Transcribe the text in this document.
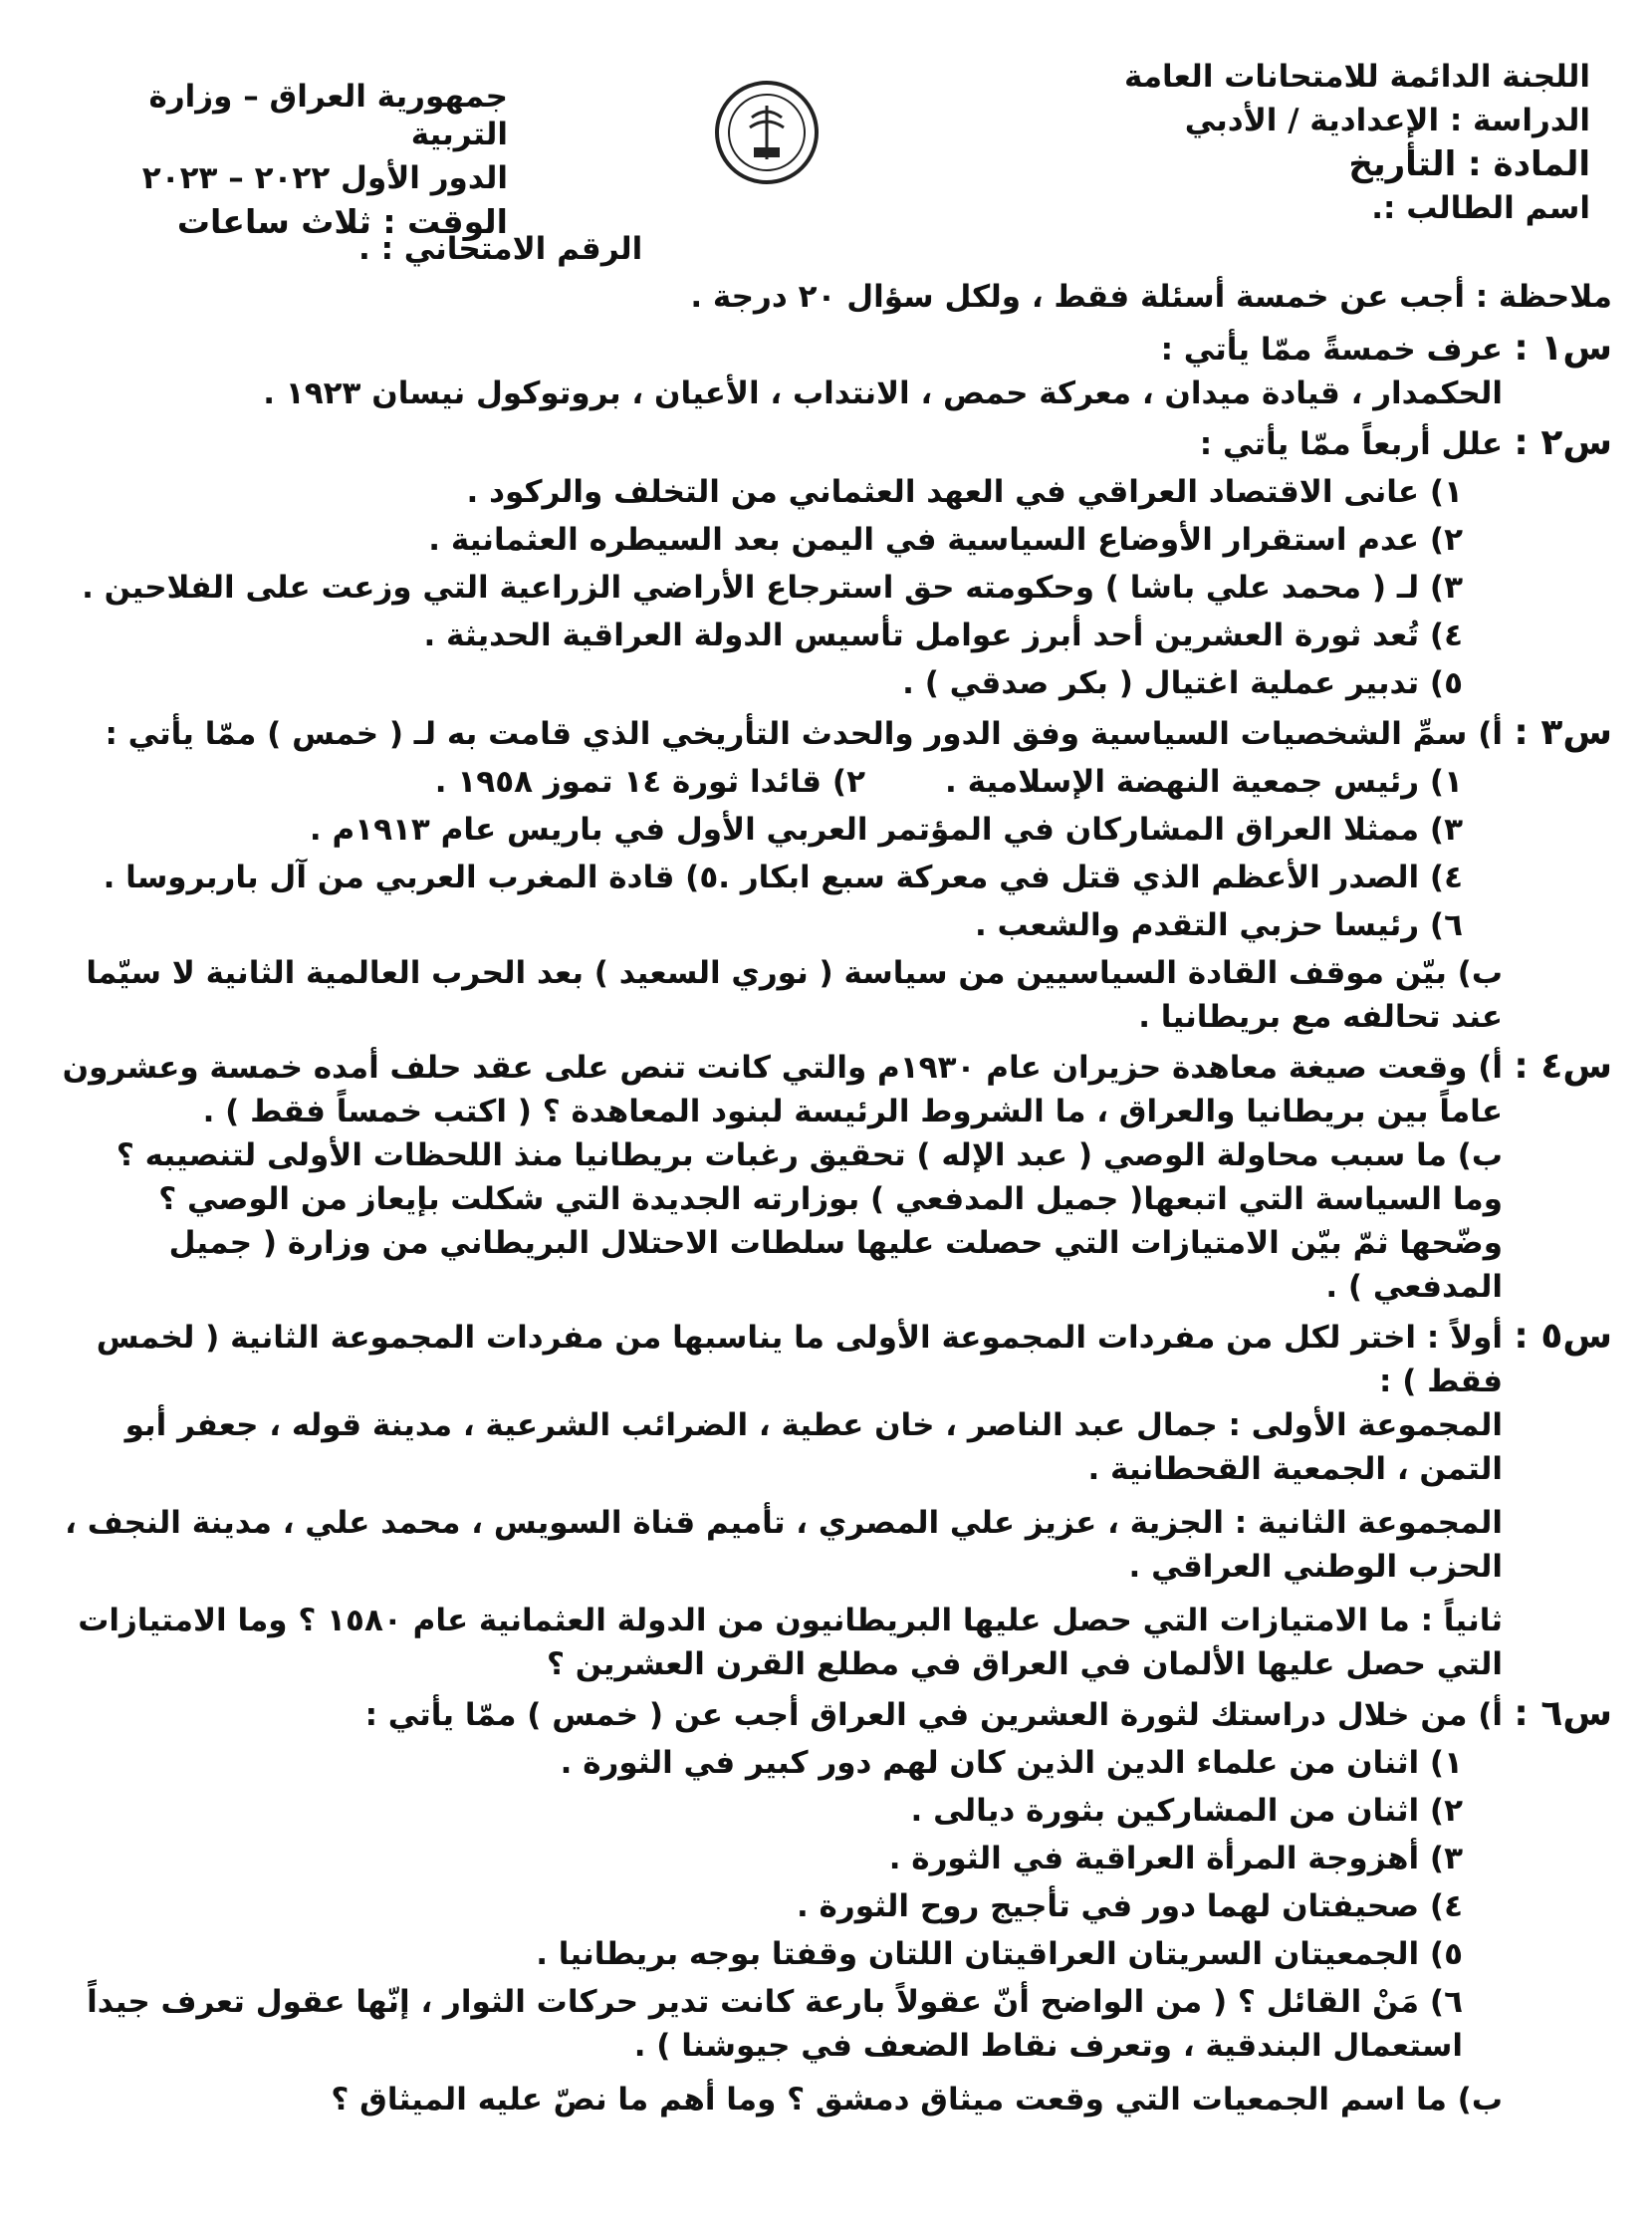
اللجنة الدائمة للامتحانات العامة
الدراسة : الإعدادية / الأدبي
المادة : التأريخ
اسم الطالب :.
جمهورية العراق – وزارة التربية
الدور الأول ٢٠٢٢ – ٢٠٢٣
الوقت : ثلاث ساعات
الرقم الامتحاني : .
ملاحظة : أجب عن خمسة أسئلة فقط ، ولكل سؤال ٢٠ درجة .
س١ :
عرف خمسةً ممّا يأتي :
الحكمدار ، قيادة ميدان ، معركة حمص ، الانتداب ، الأعيان ، بروتوكول نيسان ١٩٢٣ .
س٢ :
علل أربعاً ممّا يأتي :
١) عانى الاقتصاد العراقي في العهد العثماني من التخلف والركود .
٢) عدم استقرار الأوضاع السياسية في اليمن بعد السيطره العثمانية .
٣) لـ ( محمد علي باشا ) وحكومته حق استرجاع الأراضي الزراعية التي وزعت على الفلاحين .
٤) تُعد ثورة العشرين أحد أبرز عوامل تأسيس الدولة العراقية الحديثة .
٥) تدبير عملية اغتيال ( بكر صدقي ) .
س٣ :
أ) سمِّ الشخصيات السياسية وفق الدور والحدث التأريخي الذي قامت به لـ ( خمس ) ممّا يأتي :
١) رئيس جمعية النهضة الإسلامية .
٢) قائدا ثورة ١٤ تموز ١٩٥٨ .
٣) ممثلا العراق المشاركان في المؤتمر العربي الأول في باريس عام ١٩١٣م .
٤) الصدر الأعظم الذي قتل في معركة سبع ابكار .
٥) قادة المغرب العربي من آل باربروسا .
٦) رئيسا حزبي التقدم والشعب .
ب) بيّن موقف القادة السياسيين من سياسة ( نوري السعيد ) بعد الحرب العالمية الثانية لا سيّما عند تحالفه مع بريطانيا .
س٤ :
أ) وقعت صيغة معاهدة حزيران عام ١٩٣٠م والتي كانت تنص على عقد حلف أمده خمسة وعشرون عاماً بين بريطانيا والعراق ، ما الشروط الرئيسة لبنود المعاهدة ؟ ( اكتب خمساً فقط ) .
ب) ما سبب محاولة الوصي ( عبد الإله ) تحقيق رغبات بريطانيا منذ اللحظات الأولى لتنصيبه ؟ وما السياسة التي اتبعها( جميل المدفعي ) بوزارته الجديدة التي شكلت بإيعاز من الوصي ؟ وضّحها ثمّ بيّن الامتيازات التي حصلت عليها سلطات الاحتلال البريطاني من وزارة ( جميل المدفعي ) .
س٥ :
أولاً : اختر لكل من مفردات المجموعة الأولى ما يناسبها من مفردات المجموعة الثانية ( لخمس فقط ) :
المجموعة الأولى : جمال عبد الناصر ، خان عطية ، الضرائب الشرعية ، مدينة قوله ، جعفر أبو التمن ، الجمعية القحطانية .
المجموعة الثانية : الجزية ، عزيز علي المصري ، تأميم قناة السويس ، محمد علي ، مدينة النجف ، الحزب الوطني العراقي .
ثانياً : ما الامتيازات التي حصل عليها البريطانيون من الدولة العثمانية عام ١٥٨٠ ؟ وما الامتيازات التي حصل عليها الألمان في العراق في مطلع القرن العشرين ؟
س٦ :
أ) من خلال دراستك لثورة العشرين في العراق أجب عن ( خمس ) ممّا يأتي :
١) اثنان من علماء الدين الذين كان لهم دور كبير في الثورة .
٢) اثنان من المشاركين بثورة ديالى .
٣) أهزوجة المرأة العراقية في الثورة .
٤) صحيفتان لهما دور في تأجيج روح الثورة .
٥) الجمعيتان السريتان العراقيتان اللتان وقفتا بوجه بريطانيا .
٦) مَنْ القائل ؟ ( من الواضح أنّ عقولاً بارعة كانت تدير حركات الثوار ، إنّها عقول تعرف جيداً استعمال البندقية ، وتعرف نقاط الضعف في جيوشنا ) .
ب) ما اسم الجمعيات التي وقعت ميثاق دمشق ؟ وما أهم ما نصّ عليه الميثاق ؟
